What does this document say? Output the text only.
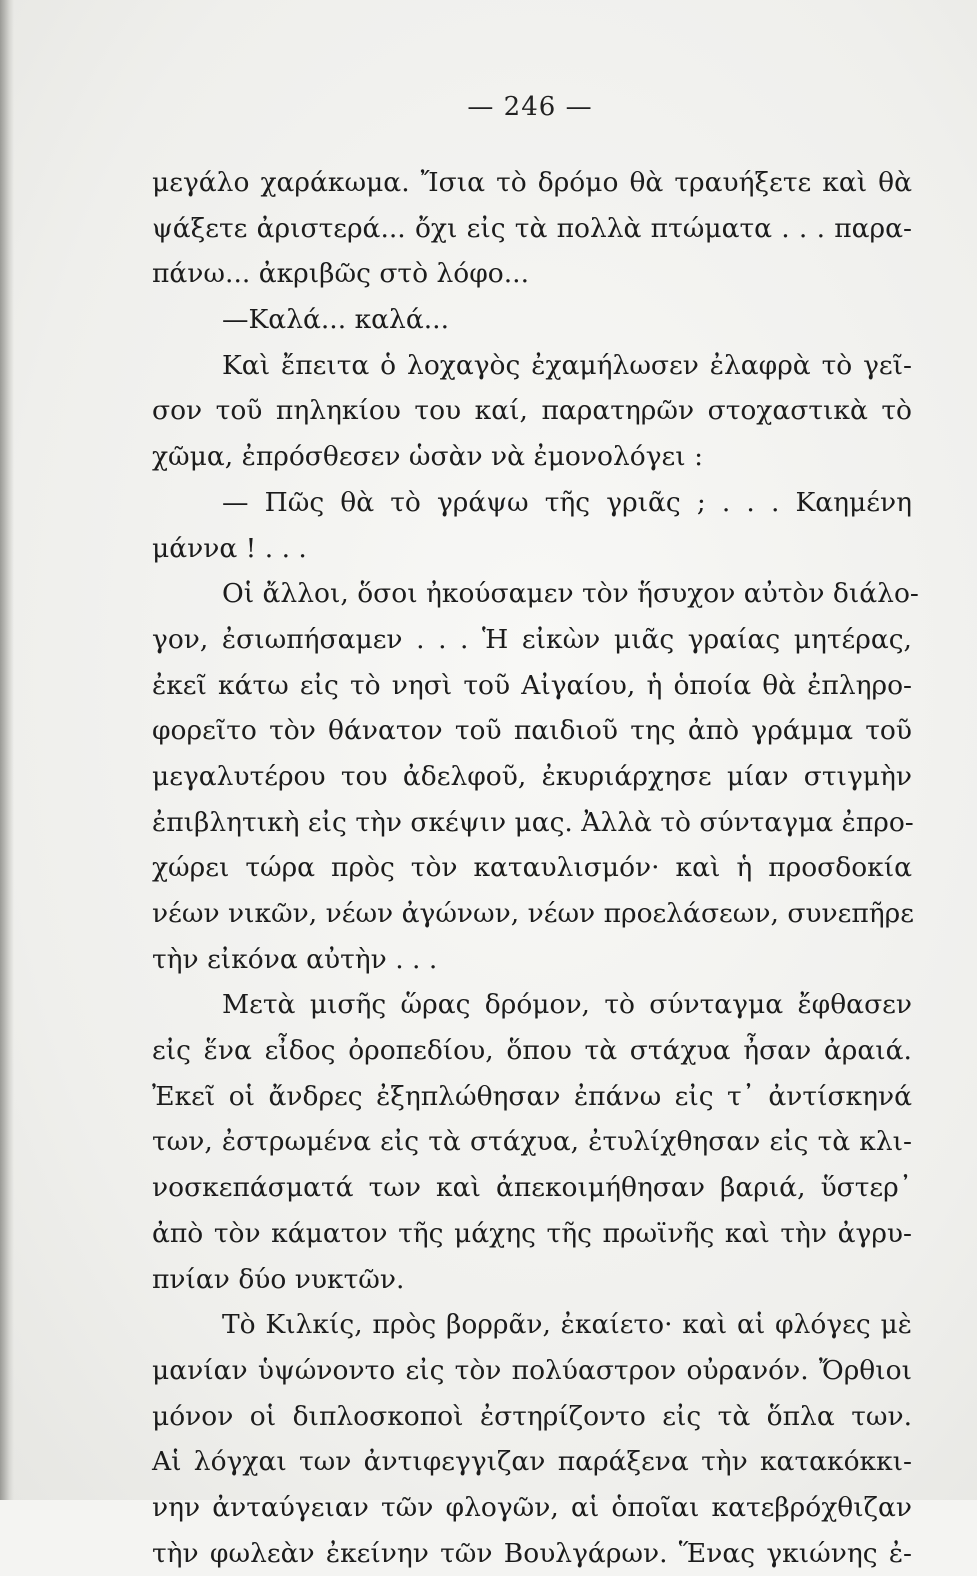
— 246 —
μεγάλο χαράκωμα. Ἴσια τὸ δρόμο θὰ τραυήξετε καὶ θὰ
ψάξετε ἀριστερά... ὄχι εἰς τὰ πολλὰ πτώματα . . . παρα-
πάνω... ἀκριβῶς στὸ λόφο...
—Καλά... καλά...
Καὶ ἔπειτα ὁ λοχαγὸς ἐχαμήλωσεν ἐλαφρὰ τὸ γεῖ-
σον τοῦ πηληκίου του καί, παρατηρῶν στοχαστικὰ τὸ
χῶμα, ἐπρόσθεσεν ὡσὰν νὰ ἐμονολόγει :
— Πῶς θὰ τὸ γράψω τῆς γριᾶς ; . . . Καημένη
μάννα ! . . .
Οἱ ἄλλοι, ὅσοι ἠκούσαμεν τὸν ἥσυχον αὐτὸν διάλο-
γον, ἐσιωπήσαμεν . . . Ἡ εἰκὼν μιᾶς γραίας μητέρας,
ἐκεῖ κάτω εἰς τὸ νησὶ τοῦ Αἰγαίου, ἡ ὁποία θὰ ἐπληρο-
φορεῖτο τὸν θάνατον τοῦ παιδιοῦ της ἀπὸ γράμμα τοῦ
μεγαλυτέρου του ἀδελφοῦ, ἐκυριάρχησε μίαν στιγμὴν
ἐπιβλητικὴ εἰς τὴν σκέψιν μας. Ἀλλὰ τὸ σύνταγμα ἐπρο-
χώρει τώρα πρὸς τὸν καταυλισμόν· καὶ ἡ προσδοκία
νέων νικῶν, νέων ἀγώνων, νέων προελάσεων, συνεπῆρε
τὴν εἰκόνα αὐτὴν . . .
Μετὰ μισῆς ὥρας δρόμον, τὸ σύνταγμα ἔφθασεν
εἰς ἕνα εἶδος ὀροπεδίου, ὅπου τὰ στάχυα ἦσαν ἀραιά.
Ἐκεῖ οἱ ἄνδρες ἐξηπλώθησαν ἐπάνω εἰς τ᾽ ἀντίσκηνά
των, ἐστρωμένα εἰς τὰ στάχυα, ἐτυλίχθησαν εἰς τὰ κλι-
νοσκεπάσματά των καὶ ἀπεκοιμήθησαν βαριά, ὕστερ᾽
ἀπὸ τὸν κάματον τῆς μάχης τῆς πρωϊνῆς καὶ τὴν ἀγρυ-
πνίαν δύο νυκτῶν.
Τὸ Κιλκίς, πρὸς βορρᾶν, ἐκαίετο· καὶ αἱ φλόγες μὲ
μανίαν ὑψώνοντο εἰς τὸν πολύαστρον οὐρανόν. Ὄρθιοι
μόνον οἱ διπλοσκοποὶ ἐστηρίζοντο εἰς τὰ ὅπλα των.
Αἱ λόγχαι των ἀντιφεγγιζαν παράξενα τὴν κατακόκκι-
νην ἀνταύγειαν τῶν φλογῶν, αἱ ὁποῖαι κατεβρόχθιζαν
τὴν φωλεὰν ἐκείνην τῶν Βουλγάρων. Ἕνας γκιώνης ἐ-
